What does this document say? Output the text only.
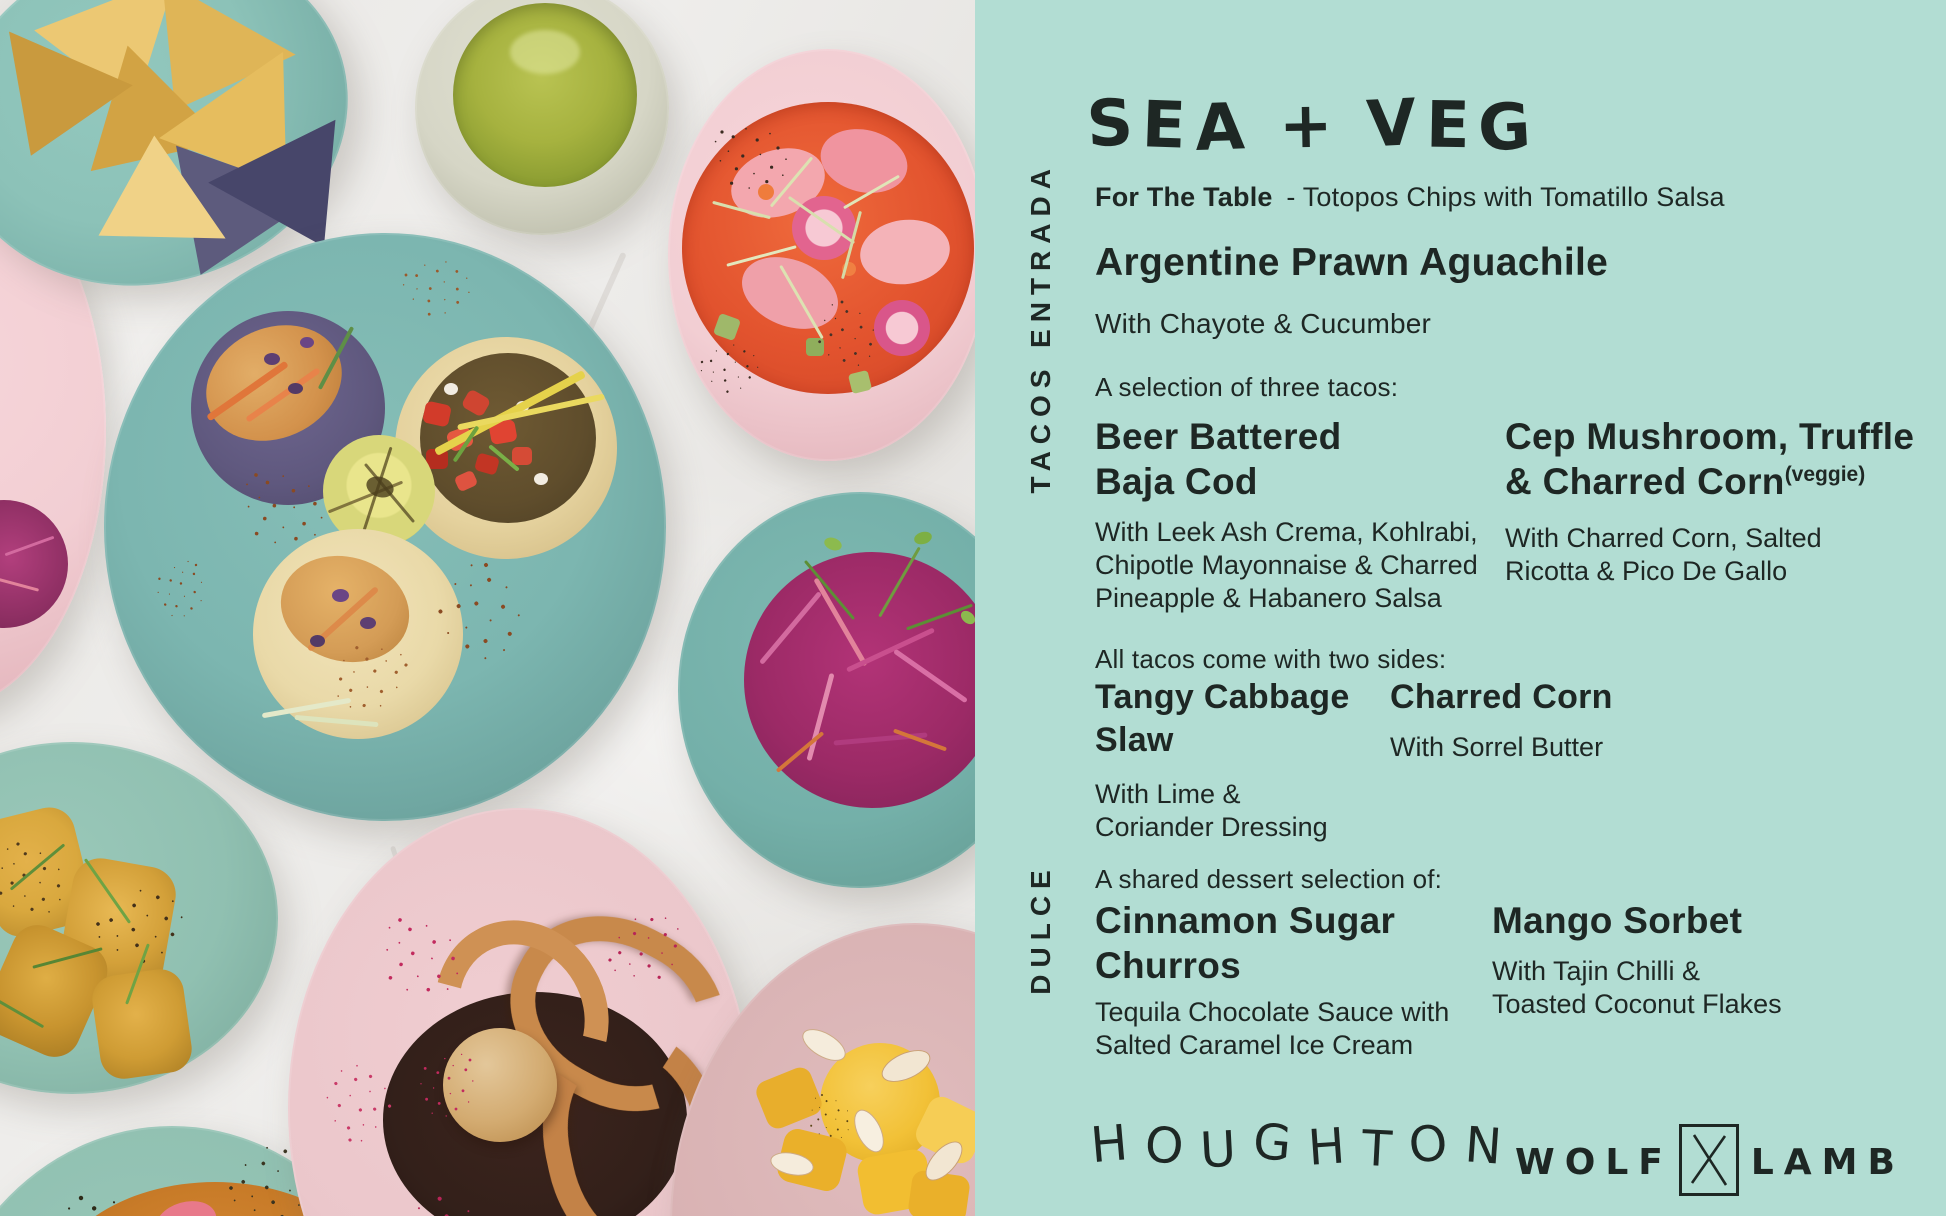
SEA + VEG
ENTRADA
TACOS
DULCE
For The Table - Totopos Chips with Tomatillo Salsa
Argentine Prawn Aguachile
With Chayote & Cucumber
A selection of three tacos:
Beer Battered
Baja Cod
With Leek Ash Crema, Kohlrabi,
Chipotle Mayonnaise & Charred
Pineapple & Habanero Salsa
Cep Mushroom, Truffle
& Charred Corn$^{(veggie)}$
With Charred Corn, Salted
Ricotta & Pico De Gallo
All tacos come with two sides:
Tangy Cabbage
Slaw
With Lime &
Coriander Dressing
Charred Corn
With Sorrel Butter
A shared dessert selection of:
Cinnamon Sugar
Churros
Tequila Chocolate Sauce with
Salted Caramel Ice Cream
Mango Sorbet
With Tajin Chilli &
Toasted Coconut Flakes
HOUGHTON
WOLF LAMB
